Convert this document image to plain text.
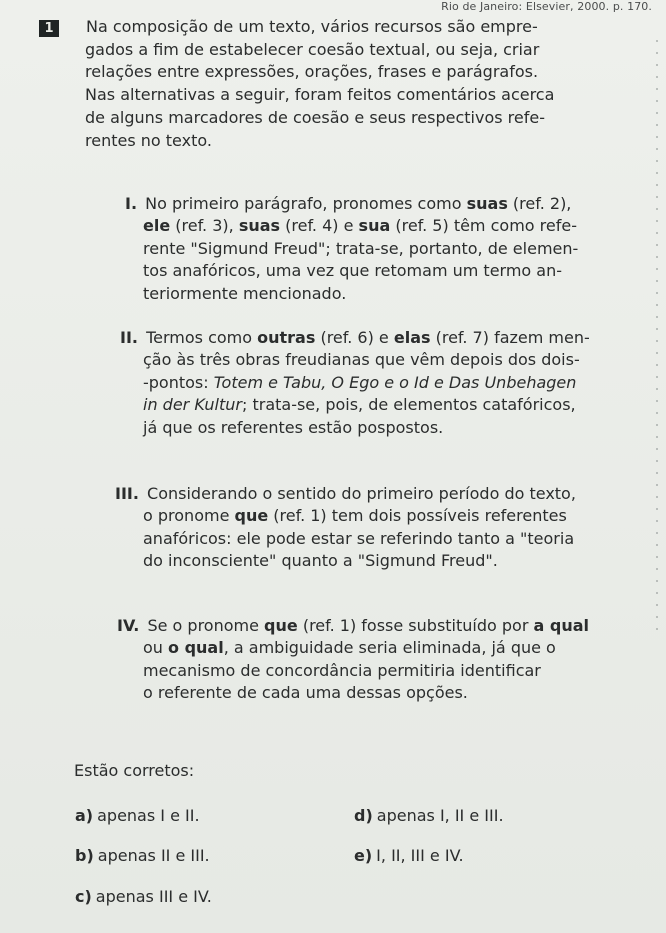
Rio de Janeiro: Elsevier, 2000. p. 170.
1	Na composição de um texto, vários recursos são empre-
gados a fim de estabelecer coesão textual, ou seja, criar
relações entre expressões, orações, frases e parágrafos.
Nas alternativas a seguir, foram feitos comentários acerca
de alguns marcadores de coesão e seus respectivos refe-
rentes no texto.
I. No primeiro parágrafo, pronomes como suas (ref. 2),
ele (ref. 3), suas (ref. 4) e sua (ref. 5) têm como refe-
rente "Sigmund Freud"; trata-se, portanto, de elemen-
tos anafóricos, uma vez que retomam um termo an-
teriormente mencionado.
II. Termos como outras (ref. 6) e elas (ref. 7) fazem men-
ção às três obras freudianas que vêm depois dos dois-
-pontos: Totem e Tabu, O Ego e o Id e Das Unbehagen
in der Kultur; trata-se, pois, de elementos catafóricos,
já que os referentes estão pospostos.
III. Considerando o sentido do primeiro período do texto,
o pronome que (ref. 1) tem dois possíveis referentes
anafóricos: ele pode estar se referindo tanto a "teoria
do inconsciente" quanto a "Sigmund Freud".
IV. Se o pronome que (ref. 1) fosse substituído por a qual
ou o qual, a ambiguidade seria eliminada, já que o
mecanismo de concordância permitiria identificar
o referente de cada uma dessas opções.
Estão corretos:
a) apenas I e II.
b) apenas II e III.
c) apenas III e IV.
d) apenas I, II e III.
e) I, II, III e IV.
